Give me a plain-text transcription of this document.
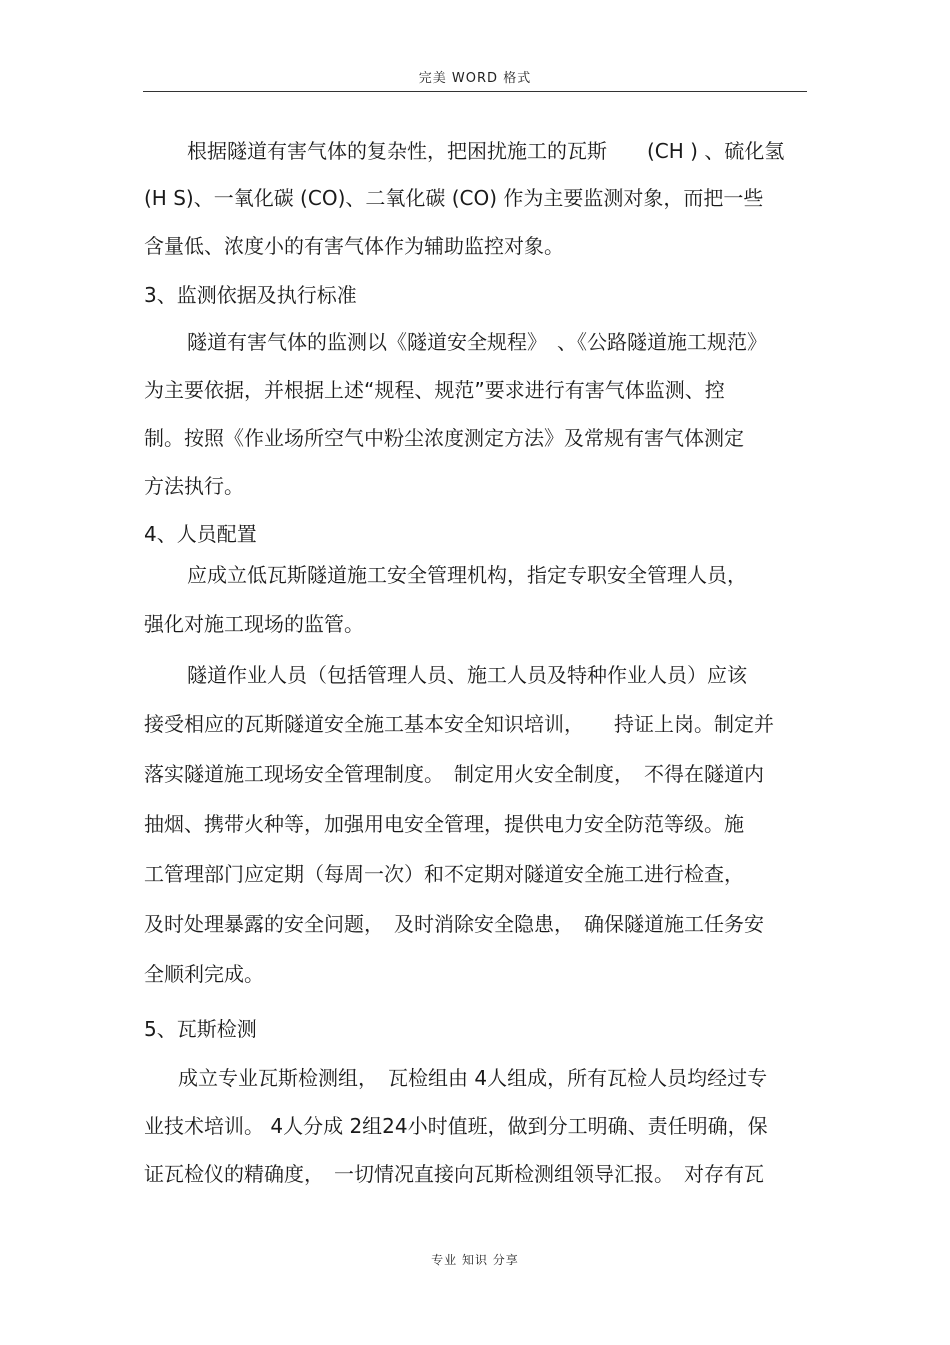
完美 WORD 格式
根据隧道有害气体的复杂性，把困扰施工的瓦斯　　(CH ) 、硫化氢
(H S)、一氧化碳 (CO)、二氧化碳 (CO) 作为主要监测对象，而把一些
含量低、浓度小的有害气体作为辅助监控对象。
3、监测依据及执行标准
隧道有害气体的监测以《隧道安全规程》　、《公路隧道施工规范》
为主要依据，并根据上述“规程、规范”要求进行有害气体监测、控
制。按照《作业场所空气中粉尘浓度测定方法》及常规有害气体测定
方法执行。
4、人员配置
应成立低瓦斯隧道施工安全管理机构，指定专职安全管理人员，
强化对施工现场的监管。
隧道作业人员（包括管理人员、施工人员及特种作业人员）应该
接受相应的瓦斯隧道安全施工基本安全知识培训，　　持证上岗。制定并
落实隧道施工现场安全管理制度。　制定用火安全制度，　不得在隧道内
抽烟、携带火种等，加强用电安全管理，提供电力安全防范等级。施
工管理部门应定期（每周一次）和不定期对隧道安全施工进行检查，
及时处理暴露的安全问题，　及时消除安全隐患，　确保隧道施工任务安
全顺利完成。
5、瓦斯检测
成立专业瓦斯检测组，　瓦检组由 4人组成，所有瓦检人员均经过专
业技术培训。 4人分成 2组24小时值班，做到分工明确、责任明确，保
证瓦检仪的精确度，　一切情况直接向瓦斯检测组领导汇报。　对存有瓦
专业 知识 分享
